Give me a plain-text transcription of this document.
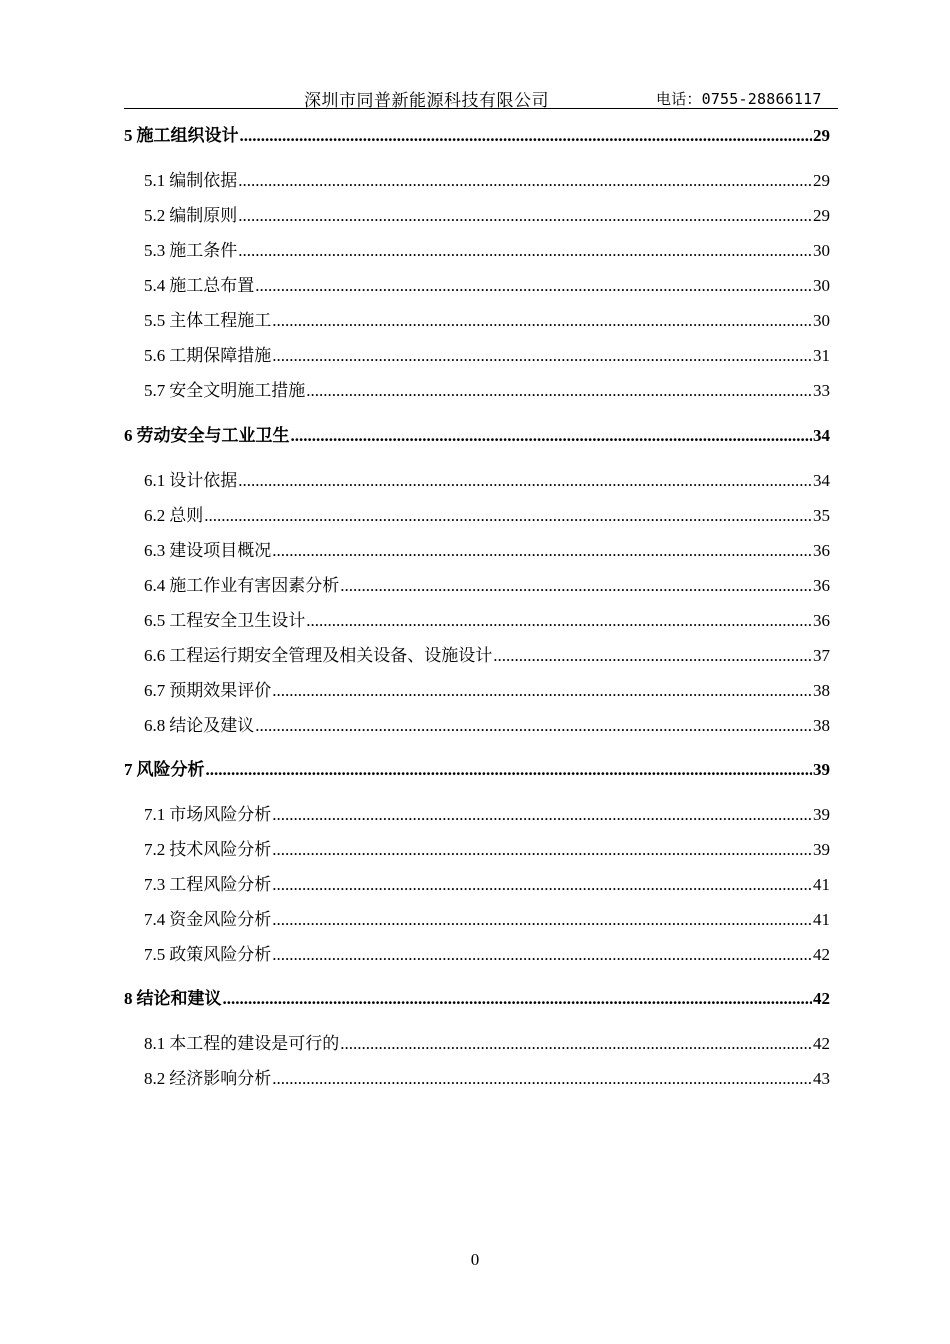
深圳市同普新能源科技有限公司	电话：0755-28866117
5 施工组织设计 .....	29
5.1 编制依据 .....	29
5.2 编制原则 .....	29
5.3 施工条件 .....	30
5.4 施工总布置 .....	30
5.5 主体工程施工 .....	30
5.6 工期保障措施 .....	31
5.7 安全文明施工措施 .....	33
6 劳动安全与工业卫生 .....	34
6.1 设计依据 .....	34
6.2 总则 .....	35
6.3 建设项目概况 .....	36
6.4 施工作业有害因素分析 .....	36
6.5 工程安全卫生设计 .....	36
6.6 工程运行期安全管理及相关设备、设施设计 .....	37
6.7 预期效果评价 .....	38
6.8 结论及建议 .....	38
7 风险分析 .....	39
7.1 市场风险分析 .....	39
7.2 技术风险分析 .....	39
7.3 工程风险分析 .....	41
7.4 资金风险分析 .....	41
7.5 政策风险分析 .....	42
8 结论和建议 .....	42
8.1 本工程的建设是可行的 .....	42
8.2 经济影响分析 .....	43
0
